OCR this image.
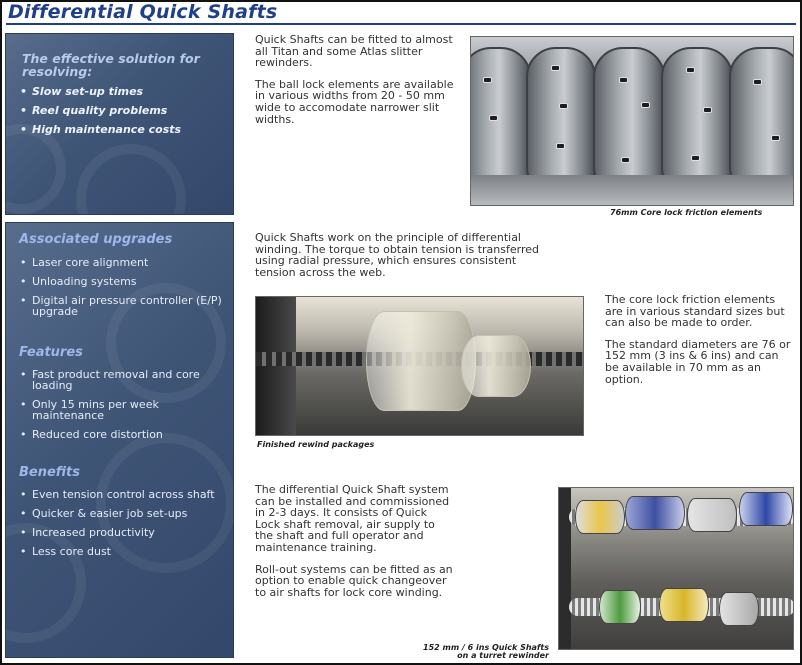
Differential Quick Shafts
The effective solution for resolving:
• Slow set-up times
• Reel quality problems
• High maintenance costs
Associated upgrades
• Laser core alignment
• Unloading systems
• Digital air pressure controller (E/P) upgrade
Features
• Fast product removal and core loading
• Only 15 mins per week maintenance
• Reduced core distortion
Benefits
• Even tension control across shaft
• Quicker & easier job set-ups
• Increased productivity
• Less core dust

Quick Shafts can be fitted to almost all Titan and some Atlas slitter rewinders.

The ball lock elements are available in various widths from 20 - 50 mm wide to accomodate narrower slit widths.

Quick Shafts work on the principle of differential winding. The torque to obtain tension is transferred using radial pressure, which ensures consistent tension across the web.

The core lock friction elements are in various standard sizes but can also be made to order.

The standard diameters are 76 or 152 mm (3 ins & 6 ins) and can be available in 70 mm as an option.

The differential Quick Shaft system can be installed and commissioned in 2-3 days. It consists of Quick Lock shaft removal, air supply to the shaft and full operator and maintenance training.

Roll-out systems can be fitted as an option to enable quick changeover to air shafts for lock core winding.

76mm Core lock friction elements
Finished rewind packages
152 mm / 6 ins Quick Shafts
on a turret rewinder
